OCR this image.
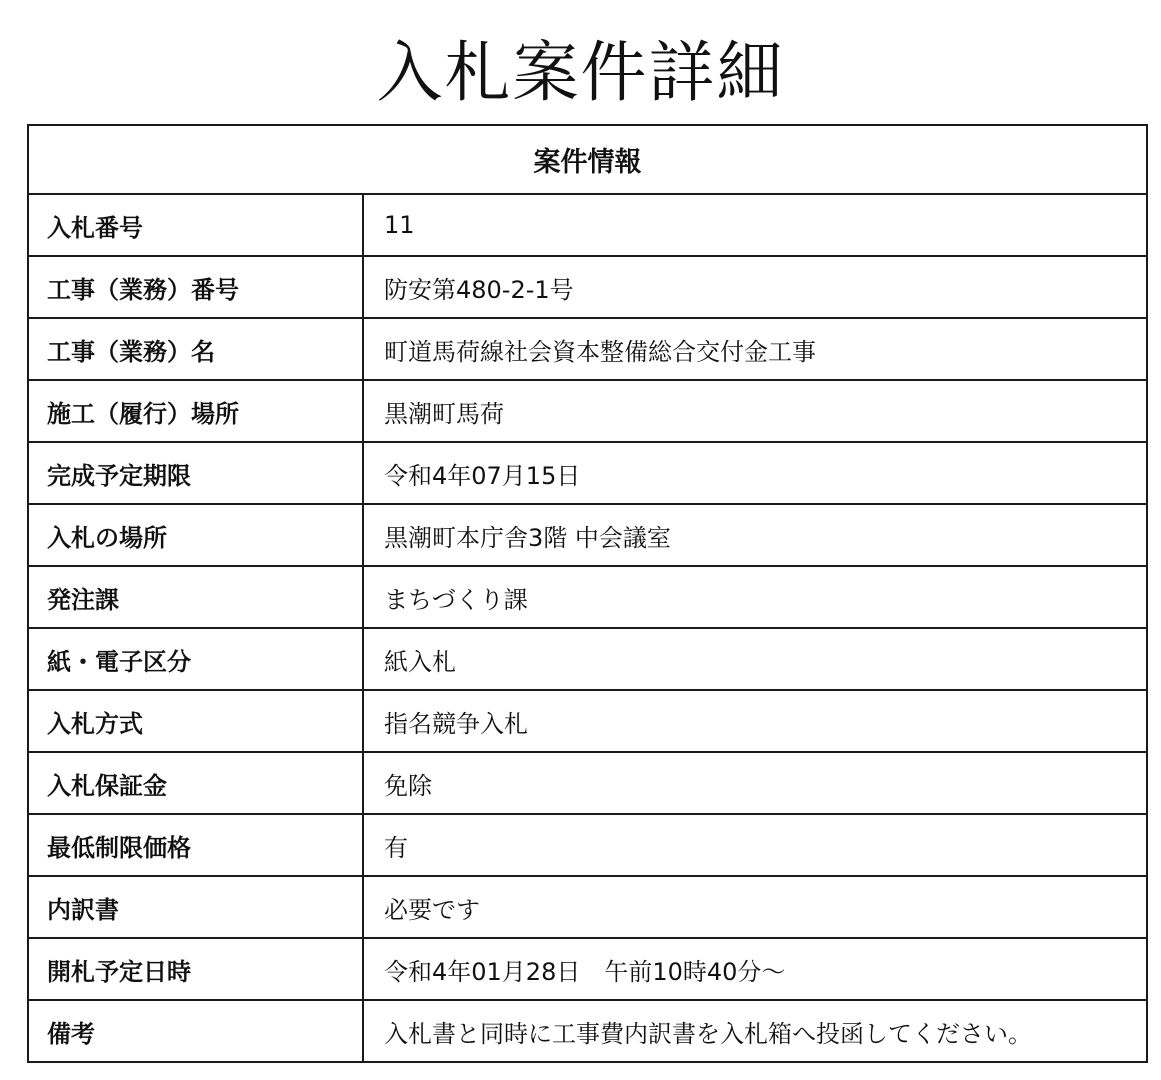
入札案件詳細
案件情報	
入札番号	11
工事（業務）番号	防安第480-2-1号
工事（業務）名	町道馬荷線社会資本整備総合交付金工事
施工（履行）場所	黒潮町馬荷
完成予定期限	令和4年07月15日
入札の場所	黒潮町本庁舎3階 中会議室
発注課	まちづくり課
紙・電子区分	紙入札
入札方式	指名競争入札
入札保証金	免除
最低制限価格	有
内訳書	必要です
開札予定日時	令和4年01月28日　午前10時40分～
備考	入札書と同時に工事費内訳書を入札箱へ投函してください。
